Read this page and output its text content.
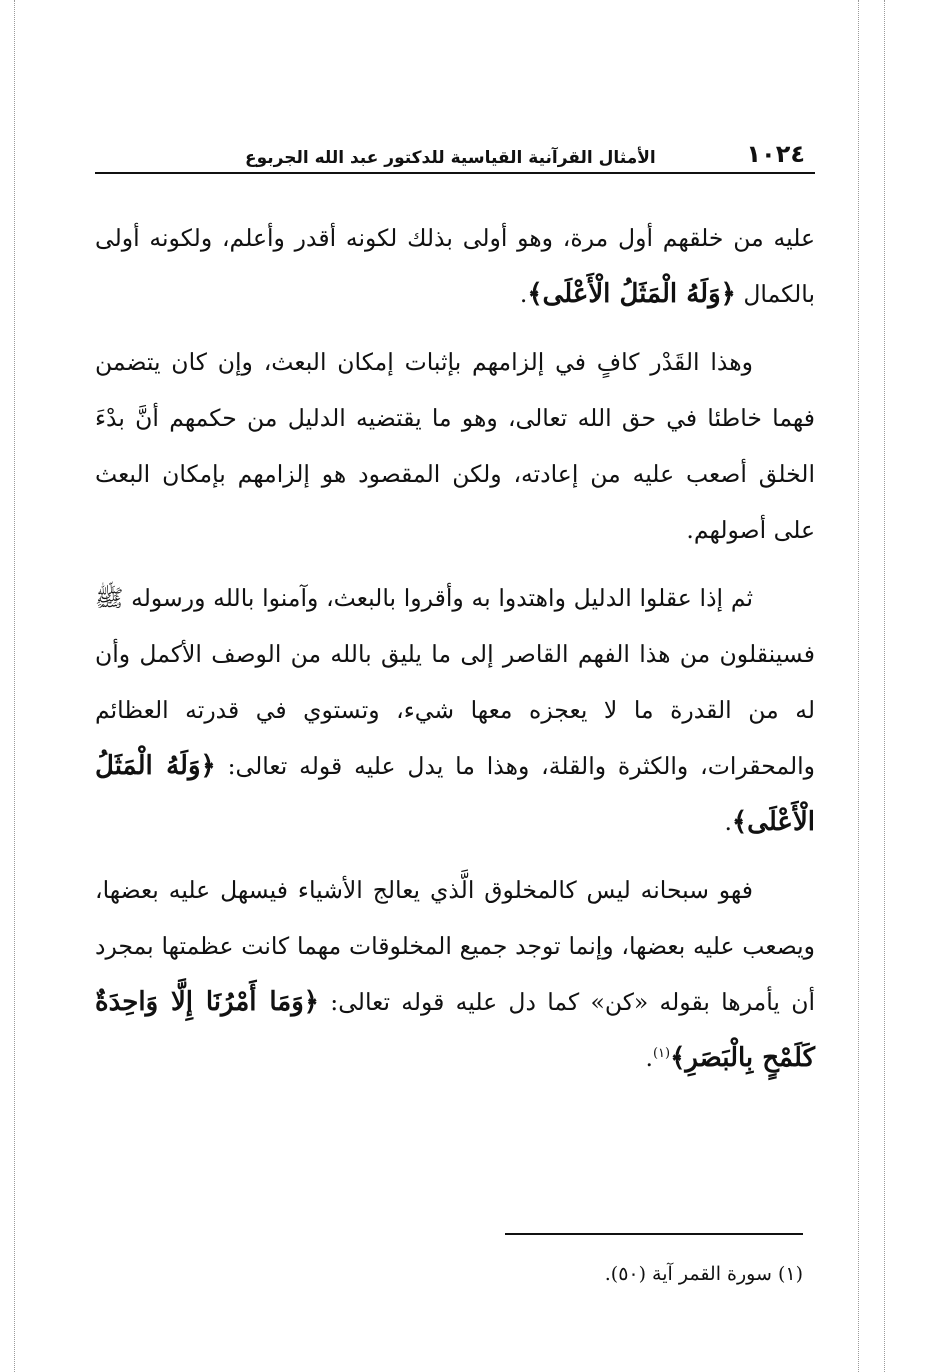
١٠٢٤
الأمثال القرآنية القياسية للدكتور عبد الله الجربوع

عليه من خلقهم أول مرة، وهو أولى بذلك لكونه أقدر وأعلم، ولكونه أولى بالكمال ﴿وَلَهُ الْمَثَلُ الْأَعْلَى﴾.

وهذا القَدْر كافٍ في إلزامهم بإثبات إمكان البعث، وإن كان يتضمن فهما خاطئا في حق الله تعالى، وهو ما يقتضيه الدليل من حكمهم أنَّ بدْءَ الخلق أصعب عليه من إعادته، ولكن المقصود هو إلزامهم بإمكان البعث على أصولهم.

ثم إذا عقلوا الدليل واهتدوا به وأقروا بالبعث، وآمنوا بالله ورسوله ﷺ فسينقلون من هذا الفهم القاصر إلى ما يليق بالله من الوصف الأكمل وأن له من القدرة ما لا يعجزه معها شيء، وتستوي في قدرته العظائم والمحقرات، والكثرة والقلة، وهذا ما يدل عليه قوله تعالى: ﴿وَلَهُ الْمَثَلُ الْأَعْلَى﴾.

فهو سبحانه ليس كالمخلوق الَّذي يعالج الأشياء فيسهل عليه بعضها، ويصعب عليه بعضها، وإنما توجد جميع المخلوقات مهما كانت عظمتها بمجرد أن يأمرها بقوله «كن» كما دل عليه قوله تعالى: ﴿وَمَا أَمْرُنَا إِلَّا وَاحِدَةٌ كَلَمْحٍ بِالْبَصَرِ﴾$^{(١)}$.

(١) سورة القمر آية (٥٠).
